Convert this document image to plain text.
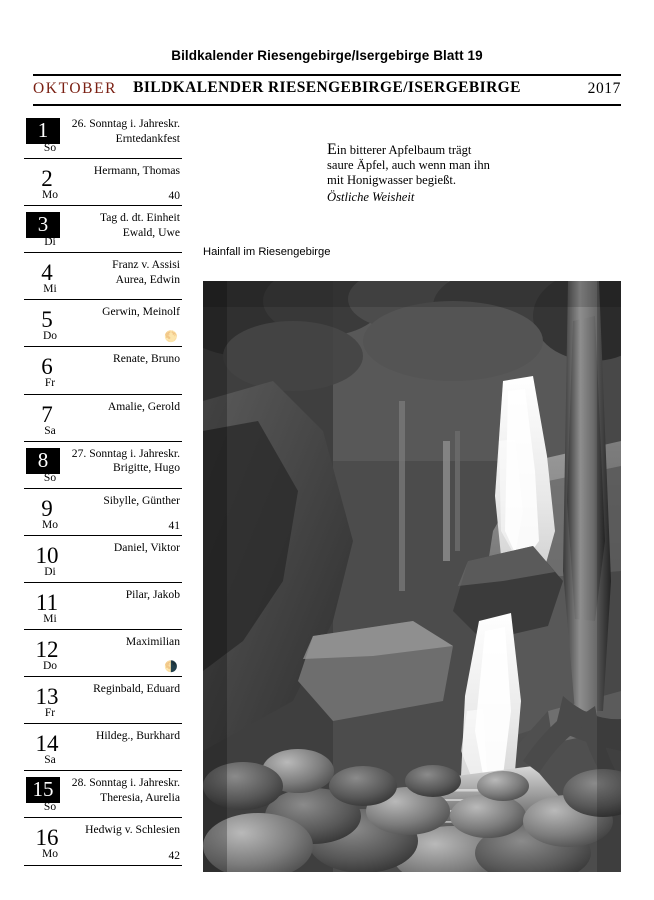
Bildkalender Riesengebirge/Isergebirge Blatt 19
OKTOBER	BILDKALENDER RIESENGEBIRGE/ISERGEBIRGE	2017
1
So
26. Sonntag i. Jahreskr.
Erntedankfest
2
Mo
Hermann, Thomas
40
3
Di
Tag d. dt. Einheit
Ewald, Uwe
4
Mi
Franz v. Assisi
Aurea, Edwin
5
Do
Gerwin, Meinolf
🌕
6
Fr
Renate, Bruno
7
Sa
Amalie, Gerold
8
So
27. Sonntag i. Jahreskr.
Brigitte, Hugo
9
Mo
Sibylle, Günther
41
10
Di
Daniel, Viktor
11
Mi
Pilar, Jakob
12
Do
Maximilian
🌗
13
Fr
Reginbald, Eduard
14
Sa
Hildeg., Burkhard
15
So
28. Sonntag i. Jahreskr.
Theresia, Aurelia
16
Mo
Hedwig v. Schlesien
42
Ein bitterer Apfelbaum trägt
saure Äpfel, auch wenn man ihn
mit Honigwasser begießt.
Östliche Weisheit
Hainfall im Riesengebirge
